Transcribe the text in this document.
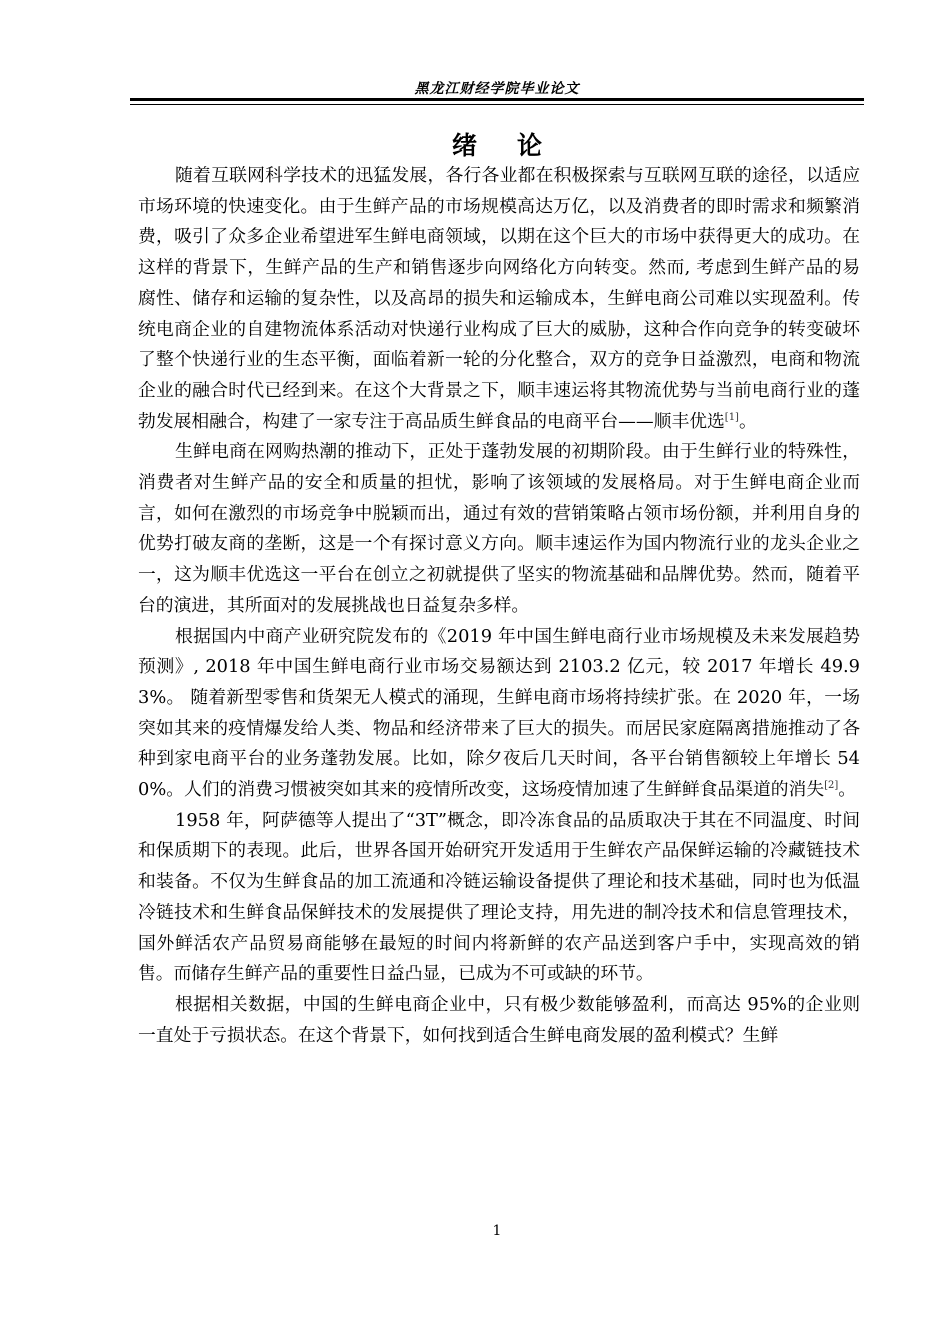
黑龙江财经学院毕业论文
绪论

随着互联网科学技术的迅猛发展，各行各业都在积极探索与互联网互联的途径，以适应市场环境的快速变化。由于生鲜产品的市场规模高达万亿，以及消费者的即时需求和频繁消费，吸引了众多企业希望进军生鲜电商领域，以期在这个巨大的市场中获得更大的成功。在这样的背景下，生鲜产品的生产和销售逐步向网络化方向转变。然而, 考虑到生鲜产品的易腐性、储存和运输的复杂性，以及高昂的损失和运输成本，生鲜电商公司难以实现盈利。传统电商企业的自建物流体系活动对快递行业构成了巨大的威胁，这种合作向竞争的转变破坏了整个快递行业的生态平衡，面临着新一轮的分化整合，双方的竞争日益激烈，电商和物流企业的融合时代已经到来。在这个大背景之下，顺丰速运将其物流优势与当前电商行业的蓬勃发展相融合，构建了一家专注于高品质生鲜食品的电商平台——顺丰优选[1]。

生鲜电商在网购热潮的推动下，正处于蓬勃发展的初期阶段。由于生鲜行业的特殊性，消费者对生鲜产品的安全和质量的担忧，影响了该领域的发展格局。对于生鲜电商企业而言，如何在激烈的市场竞争中脱颖而出，通过有效的营销策略占领市场份额，并利用自身的优势打破友商的垄断，这是一个有探讨意义方向。顺丰速运作为国内物流行业的龙头企业之一，这为顺丰优选这一平台在创立之初就提供了坚实的物流基础和品牌优势。然而，随着平台的演进，其所面对的发展挑战也日益复杂多样。

根据国内中商产业研究院发布的《2019 年中国生鲜电商行业市场规模及未来发展趋势预测》, 2018 年中国生鲜电商行业市场交易额达到 2103.2 亿元，较 2017 年增长 49.93%。 随着新型零售和货架无人模式的涌现，生鲜电商市场将持续扩张。在 2020 年，一场突如其来的疫情爆发给人类、物品和经济带来了巨大的损失。而居民家庭隔离措施推动了各种到家电商平台的业务蓬勃发展。比如，除夕夜后几天时间，各平台销售额较上年增长 540%。人们的消费习惯被突如其来的疫情所改变，这场疫情加速了生鲜鲜食品渠道的消失[2]。

1958 年，阿萨德等人提出了“3T”概念，即冷冻食品的品质取决于其在不同温度、时间和保质期下的表现。此后，世界各国开始研究开发适用于生鲜农产品保鲜运输的冷藏链技术和装备。不仅为生鲜食品的加工流通和冷链运输设备提供了理论和技术基础，同时也为低温冷链技术和生鲜食品保鲜技术的发展提供了理论支持，用先进的制冷技术和信息管理技术，国外鲜活农产品贸易商能够在最短的时间内将新鲜的农产品送到客户手中，实现高效的销售。而储存生鲜产品的重要性日益凸显，已成为不可或缺的环节。

根据相关数据，中国的生鲜电商企业中，只有极少数能够盈利，而高达 95%的企业则一直处于亏损状态。在这个背景下，如何找到适合生鲜电商发展的盈利模式？生鲜

1
